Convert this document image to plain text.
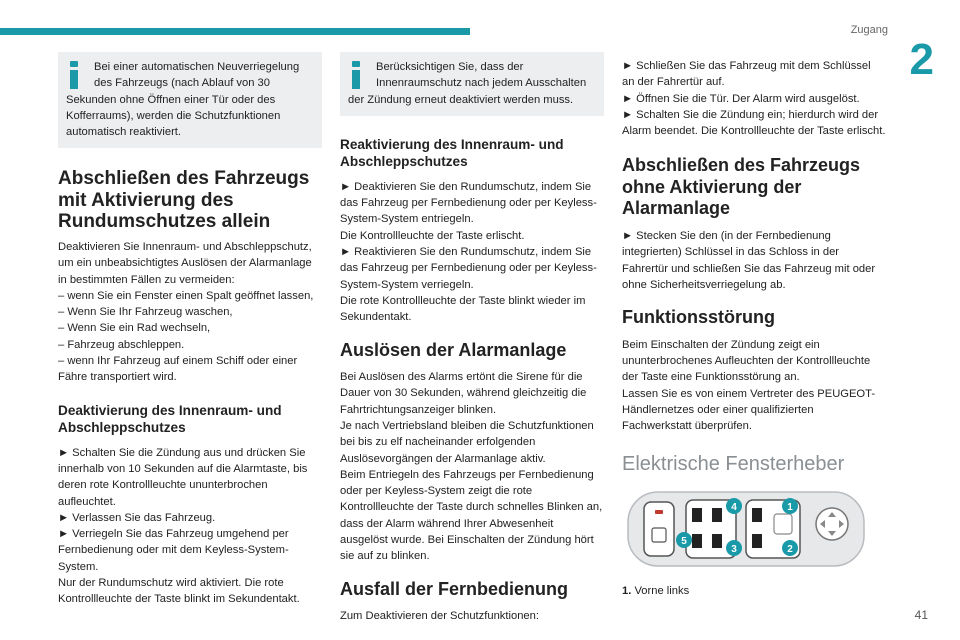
Zugang
2
41
Bei einer automatischen Neuverriegelung des Fahrzeugs (nach Ablauf von 30 Sekunden ohne Öffnen einer Tür oder des Kofferraums), werden die Schutzfunktionen automatisch reaktiviert.
Abschließen des Fahrzeugs mit Aktivierung des Rundumschutzes allein

Deaktivieren Sie Innenraum- und Abschleppschutz, um ein unbeabsichtigtes Auslösen der Alarmanlage in bestimmten Fällen zu vermeiden:

– wenn Sie ein Fenster einen Spalt geöffnet lassen,

– Wenn Sie Ihr Fahrzeug waschen,

– Wenn Sie ein Rad wechseln,

– Fahrzeug abschleppen.

– wenn Ihr Fahrzeug auf einem Schiff oder einer Fähre transportiert wird.

Deaktivierung des Innenraum- und Abschleppschutzes

► Schalten Sie die Zündung aus und drücken Sie innerhalb von 10 Sekunden auf die Alarmtaste, bis deren rote Kontrollleuchte ununterbrochen aufleuchtet.

► Verlassen Sie das Fahrzeug.

► Verriegeln Sie das Fahrzeug umgehend per Fernbedienung oder mit dem Keyless-System-System.

Nur der Rundumschutz wird aktiviert. Die rote Kontrollleuchte der Taste blinkt im Sekundentakt.

Berücksichtigen Sie, dass der Innenraumschutz nach jedem Ausschalten der Zündung erneut deaktiviert werden muss.
Reaktivierung des Innenraum- und Abschleppschutzes

► Deaktivieren Sie den Rundumschutz, indem Sie das Fahrzeug per Fernbedienung oder per Keyless-System-System entriegeln.

Die Kontrollleuchte der Taste erlischt.

► Reaktivieren Sie den Rundumschutz, indem Sie das Fahrzeug per Fernbedienung oder per Keyless-System-System verriegeln.

Die rote Kontrollleuchte der Taste blinkt wieder im Sekundentakt.

Auslösen der Alarmanlage

Bei Auslösen des Alarms ertönt die Sirene für die Dauer von 30 Sekunden, während gleichzeitig die Fahrtrichtungsanzeiger blinken.

Je nach Vertriebsland bleiben die Schutzfunktionen bei bis zu elf nacheinander erfolgenden Auslösevorgängen der Alarmanlage aktiv.

Beim Entriegeln des Fahrzeugs per Fernbedienung oder per Keyless-System zeigt die rote Kontrollleuchte der Taste durch schnelles Blinken an, dass der Alarm während Ihrer Abwesenheit ausgelöst wurde. Bei Einschalten der Zündung hört sie auf zu blinken.

Ausfall der Fernbedienung

Zum Deaktivieren der Schutzfunktionen:

► Schließen Sie das Fahrzeug mit dem Schlüssel an der Fahrertür auf.

► Öffnen Sie die Tür. Der Alarm wird ausgelöst.

► Schalten Sie die Zündung ein; hierdurch wird der Alarm beendet. Die Kontrollleuchte der Taste erlischt.

Abschließen des Fahrzeugs ohne Aktivierung der Alarmanlage

► Stecken Sie den (in der Fernbedienung integrierten) Schlüssel in das Schloss in der Fahrertür und schließen Sie das Fahrzeug mit oder ohne Sicherheitsverriegelung ab.

Funktionsstörung

Beim Einschalten der Zündung zeigt ein ununterbrochenes Aufleuchten der Kontrollleuchte der Taste eine Funktionsstörung an.

Lassen Sie es von einem Vertreter des PEUGEOT-Händlernetzes oder einer qualifizierten Fachwerkstatt überprüfen.

Elektrische Fensterheber
5
4
3
1
2

1. Vorne links
